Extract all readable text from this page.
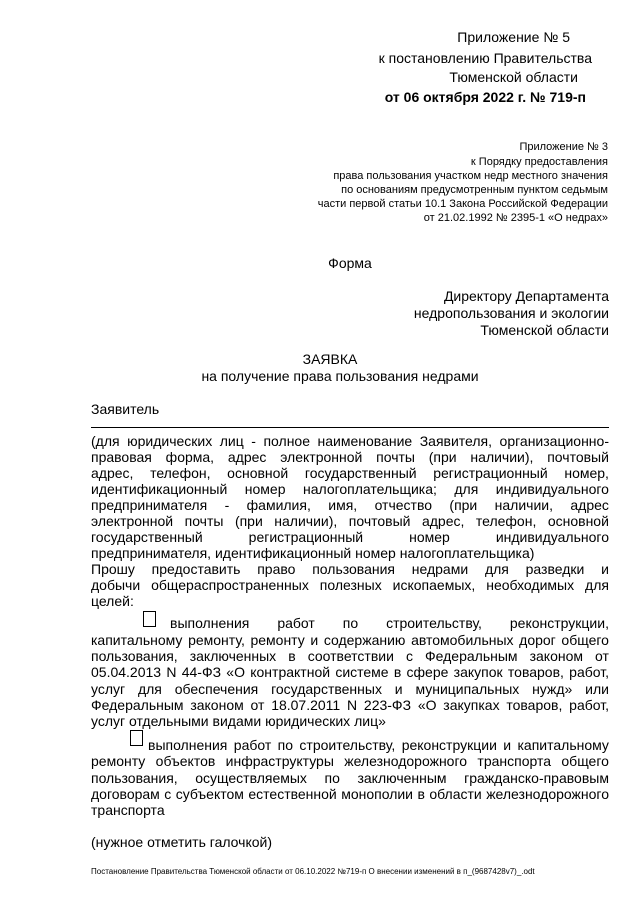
Приложение № 5
к постановлению Правительства
Тюменской области
от 06 октября 2022 г. № 719-п
Приложение № 3
к Порядку предоставления
права пользования участком недр местного значения
по основаниям предусмотренным пунктом седьмым
части первой статьи 10.1 Закона Российской Федерации
от 21.02.1992 № 2395-1 «О недрах»
Форма
Директору Департамента
недропользования и экологии
Тюменской области
ЗАЯВКА
на получение права пользования недрами
Заявитель
(для юридических лиц - полное наименование Заявителя, организационно-
правовая форма, адрес электронной почты (при наличии), почтовый
адрес, телефон, основной государственный регистрационный номер,
идентификационный номер налогоплательщика; для индивидуального
предпринимателя - фамилия, имя, отчество (при наличии, адрес
электронной почты (при наличии), почтовый адрес, телефон, основной
государственный	регистрационный	номер	индивидуального
предпринимателя, идентификационный номер налогоплательщика)
Прошу предоставить право пользования недрами для разведки и
добычи общераспространенных полезных ископаемых, необходимых для
целей:
выполнения работ по строительству, реконструкции,
капитальному ремонту, ремонту и содержанию автомобильных дорог общего
пользования, заключенных в соответствии с Федеральным законом от
05.04.2013 N 44-ФЗ «О контрактной системе в сфере закупок товаров, работ,
услуг для обеспечения государственных и муниципальных нужд» или
Федеральным законом от 18.07.2011 N 223-ФЗ «О закупках товаров, работ,
услуг отдельными видами юридических лиц»
выполнения работ по строительству, реконструкции и капитальному
ремонту объектов инфраструктуры железнодорожного транспорта общего
пользования, осуществляемых по заключенным гражданско-правовым
договорам с субъектом естественной монополии в области железнодорожного
транспорта
(нужное отметить галочкой)
Постановление Правительства Тюменской области от 06.10.2022 №719-п О внесении изменений в п_(9687428v7)_.odt
